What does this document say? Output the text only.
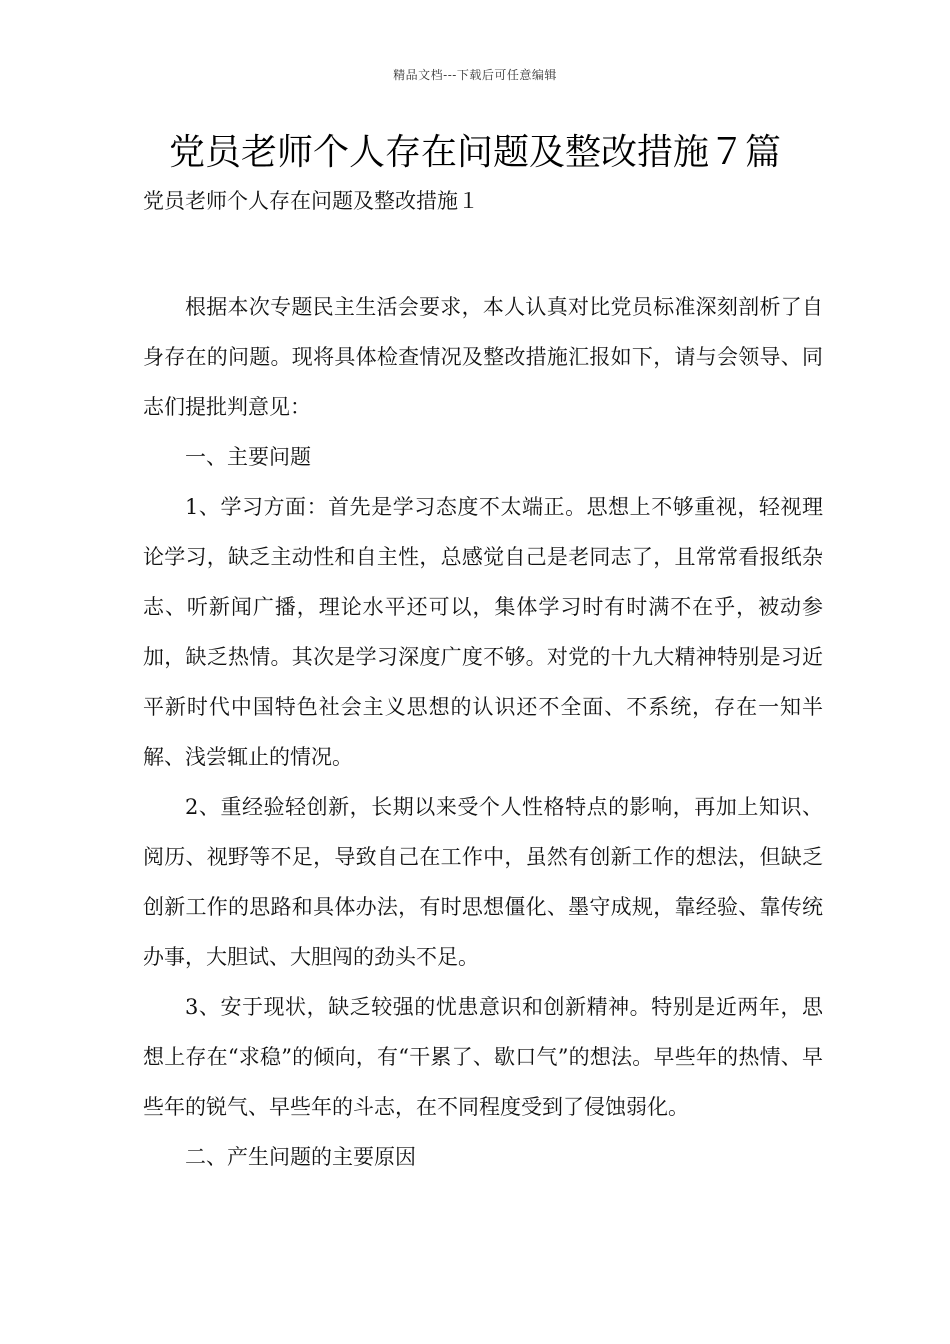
精品文档---下载后可任意编辑
党员老师个人存在问题及整改措施７篇
党员老师个人存在问题及整改措施１

根据本次专题民主生活会要求，本人认真对比党员标准深刻剖析了自身存在的问题。现将具体检查情况及整改措施汇报如下，请与会领导、同志们提批判意见：

一、主要问题

1、学习方面：首先是学习态度不太端正。思想上不够重视，轻视理论学习，缺乏主动性和自主性，总感觉自己是老同志了，且常常看报纸杂志、听新闻广播，理论水平还可以，集体学习时有时满不在乎，被动参加，缺乏热情。其次是学习深度广度不够。对党的十九大精神特别是习近平新时代中国特色社会主义思想的认识还不全面、不系统，存在一知半解、浅尝辄止的情况。

2、重经验轻创新，长期以来受个人性格特点的影响，再加上知识、阅历、视野等不足，导致自己在工作中，虽然有创新工作的想法，但缺乏创新工作的思路和具体办法，有时思想僵化、墨守成规，靠经验、靠传统办事，大胆试、大胆闯的劲头不足。

3、安于现状，缺乏较强的忧患意识和创新精神。特别是近两年，思想上存在“求稳”的倾向，有“干累了、歇口气”的想法。早些年的热情、早些年的锐气、早些年的斗志，在不同程度受到了侵蚀弱化。

二、产生问题的主要原因
